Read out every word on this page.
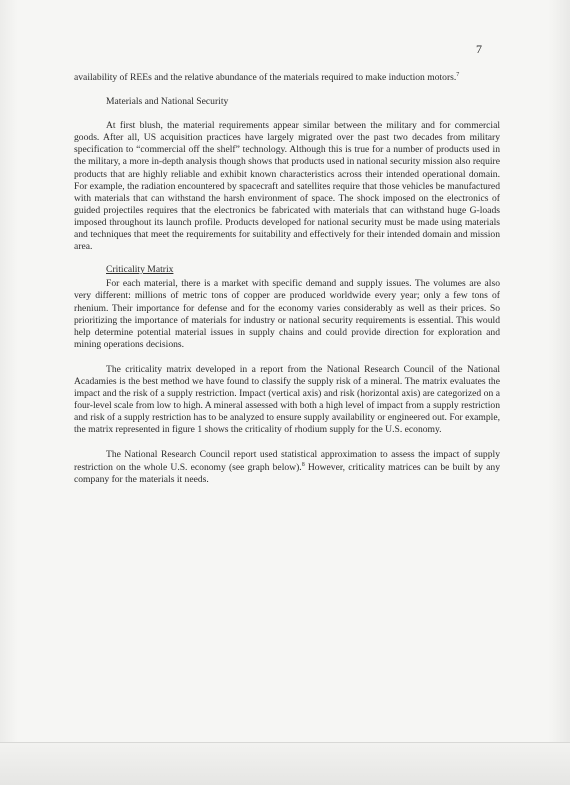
7

availability of REEs and the relative abundance of the materials required to make induction motors.$^7$

Materials and National Security

At first blush, the material requirements appear similar between the military and for commercial goods. After all, US acquisition practices have largely migrated over the past two decades from military specification to “commercial off the shelf” technology. Although this is true for a number of products used in the military, a more in-depth analysis though shows that products used in national security mission also require products that are highly reliable and exhibit known characteristics across their intended operational domain. For example, the radiation encountered by spacecraft and satellites require that those vehicles be manufactured with materials that can withstand the harsh environment of space. The shock imposed on the electronics of guided projectiles requires that the electronics be fabricated with materials that can withstand huge G-loads imposed throughout its launch profile. Products developed for national security must be made using materials and techniques that meet the requirements for suitability and effectively for their intended domain and mission area.

Criticality Matrix

For each material, there is a market with specific demand and supply issues. The volumes are also very different: millions of metric tons of copper are produced worldwide every year; only a few tons of rhenium. Their importance for defense and for the economy varies considerably as well as their prices. So prioritizing the importance of materials for industry or national security requirements is essential. This would help determine potential material issues in supply chains and could provide direction for exploration and mining operations decisions.

The criticality matrix developed in a report from the National Research Council of the National Acadamies is the best method we have found to classify the supply risk of a mineral. The matrix evaluates the impact and the risk of a supply restriction. Impact (vertical axis) and risk (horizontal axis) are categorized on a four-level scale from low to high. A mineral assessed with both a high level of impact from a supply restriction and risk of a supply restriction has to be analyzed to ensure supply availability or engineered out. For example, the matrix represented in figure 1 shows the criticality of rhodium supply for the U.S. economy.

The National Research Council report used statistical approximation to assess the impact of supply restriction on the whole U.S. economy (see graph below).$^8$ However, criticality matrices can be built by any company for the materials it needs.
